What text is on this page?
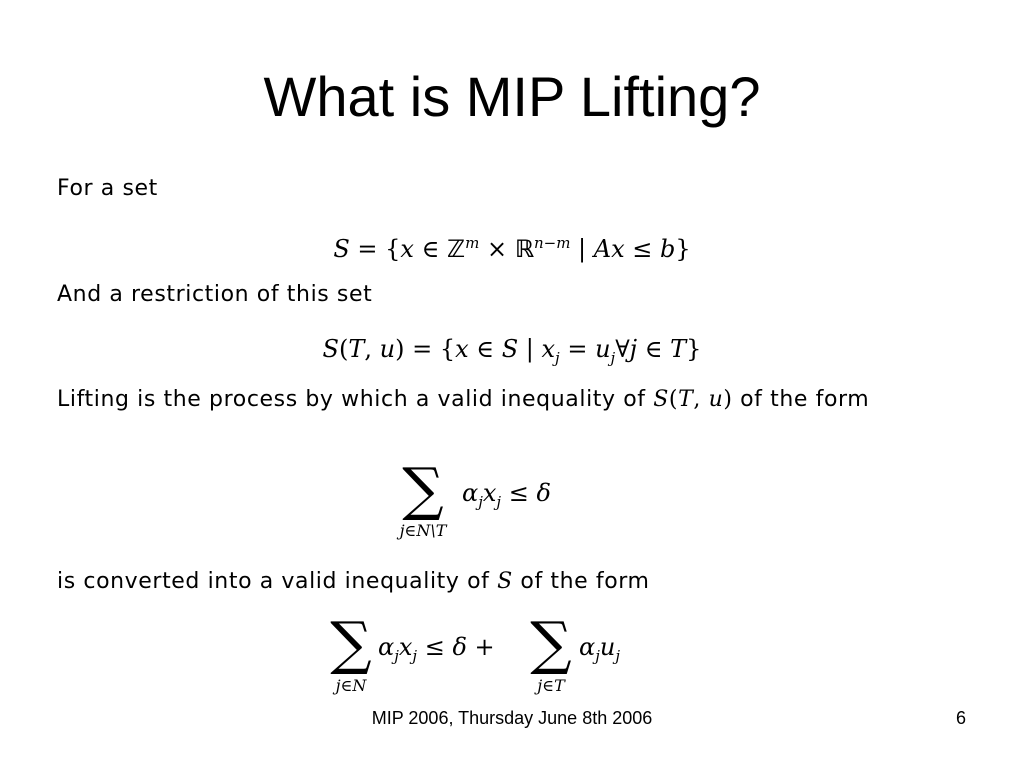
What is MIP Lifting?
For a set
S = {x ∈ ℤ$^m$ × ℝ$^{n-m}$ | Ax ≤ b}
And a restriction of this set
S(T, u) = {x ∈ S | $x_j$ = $u_j\forall j$ ∈ T}
Lifting is the process by which a valid inequality of S(T, u) of the form
∑
j∈N\T
$\alpha_jx_j \le \delta$
is converted into a valid inequality of S of the form
∑
j∈N
$\alpha_jx_j \le \delta$ + ∑
j∈T
$\alpha_ju_j$
MIP 2006, Thursday June 8th 2006	6
